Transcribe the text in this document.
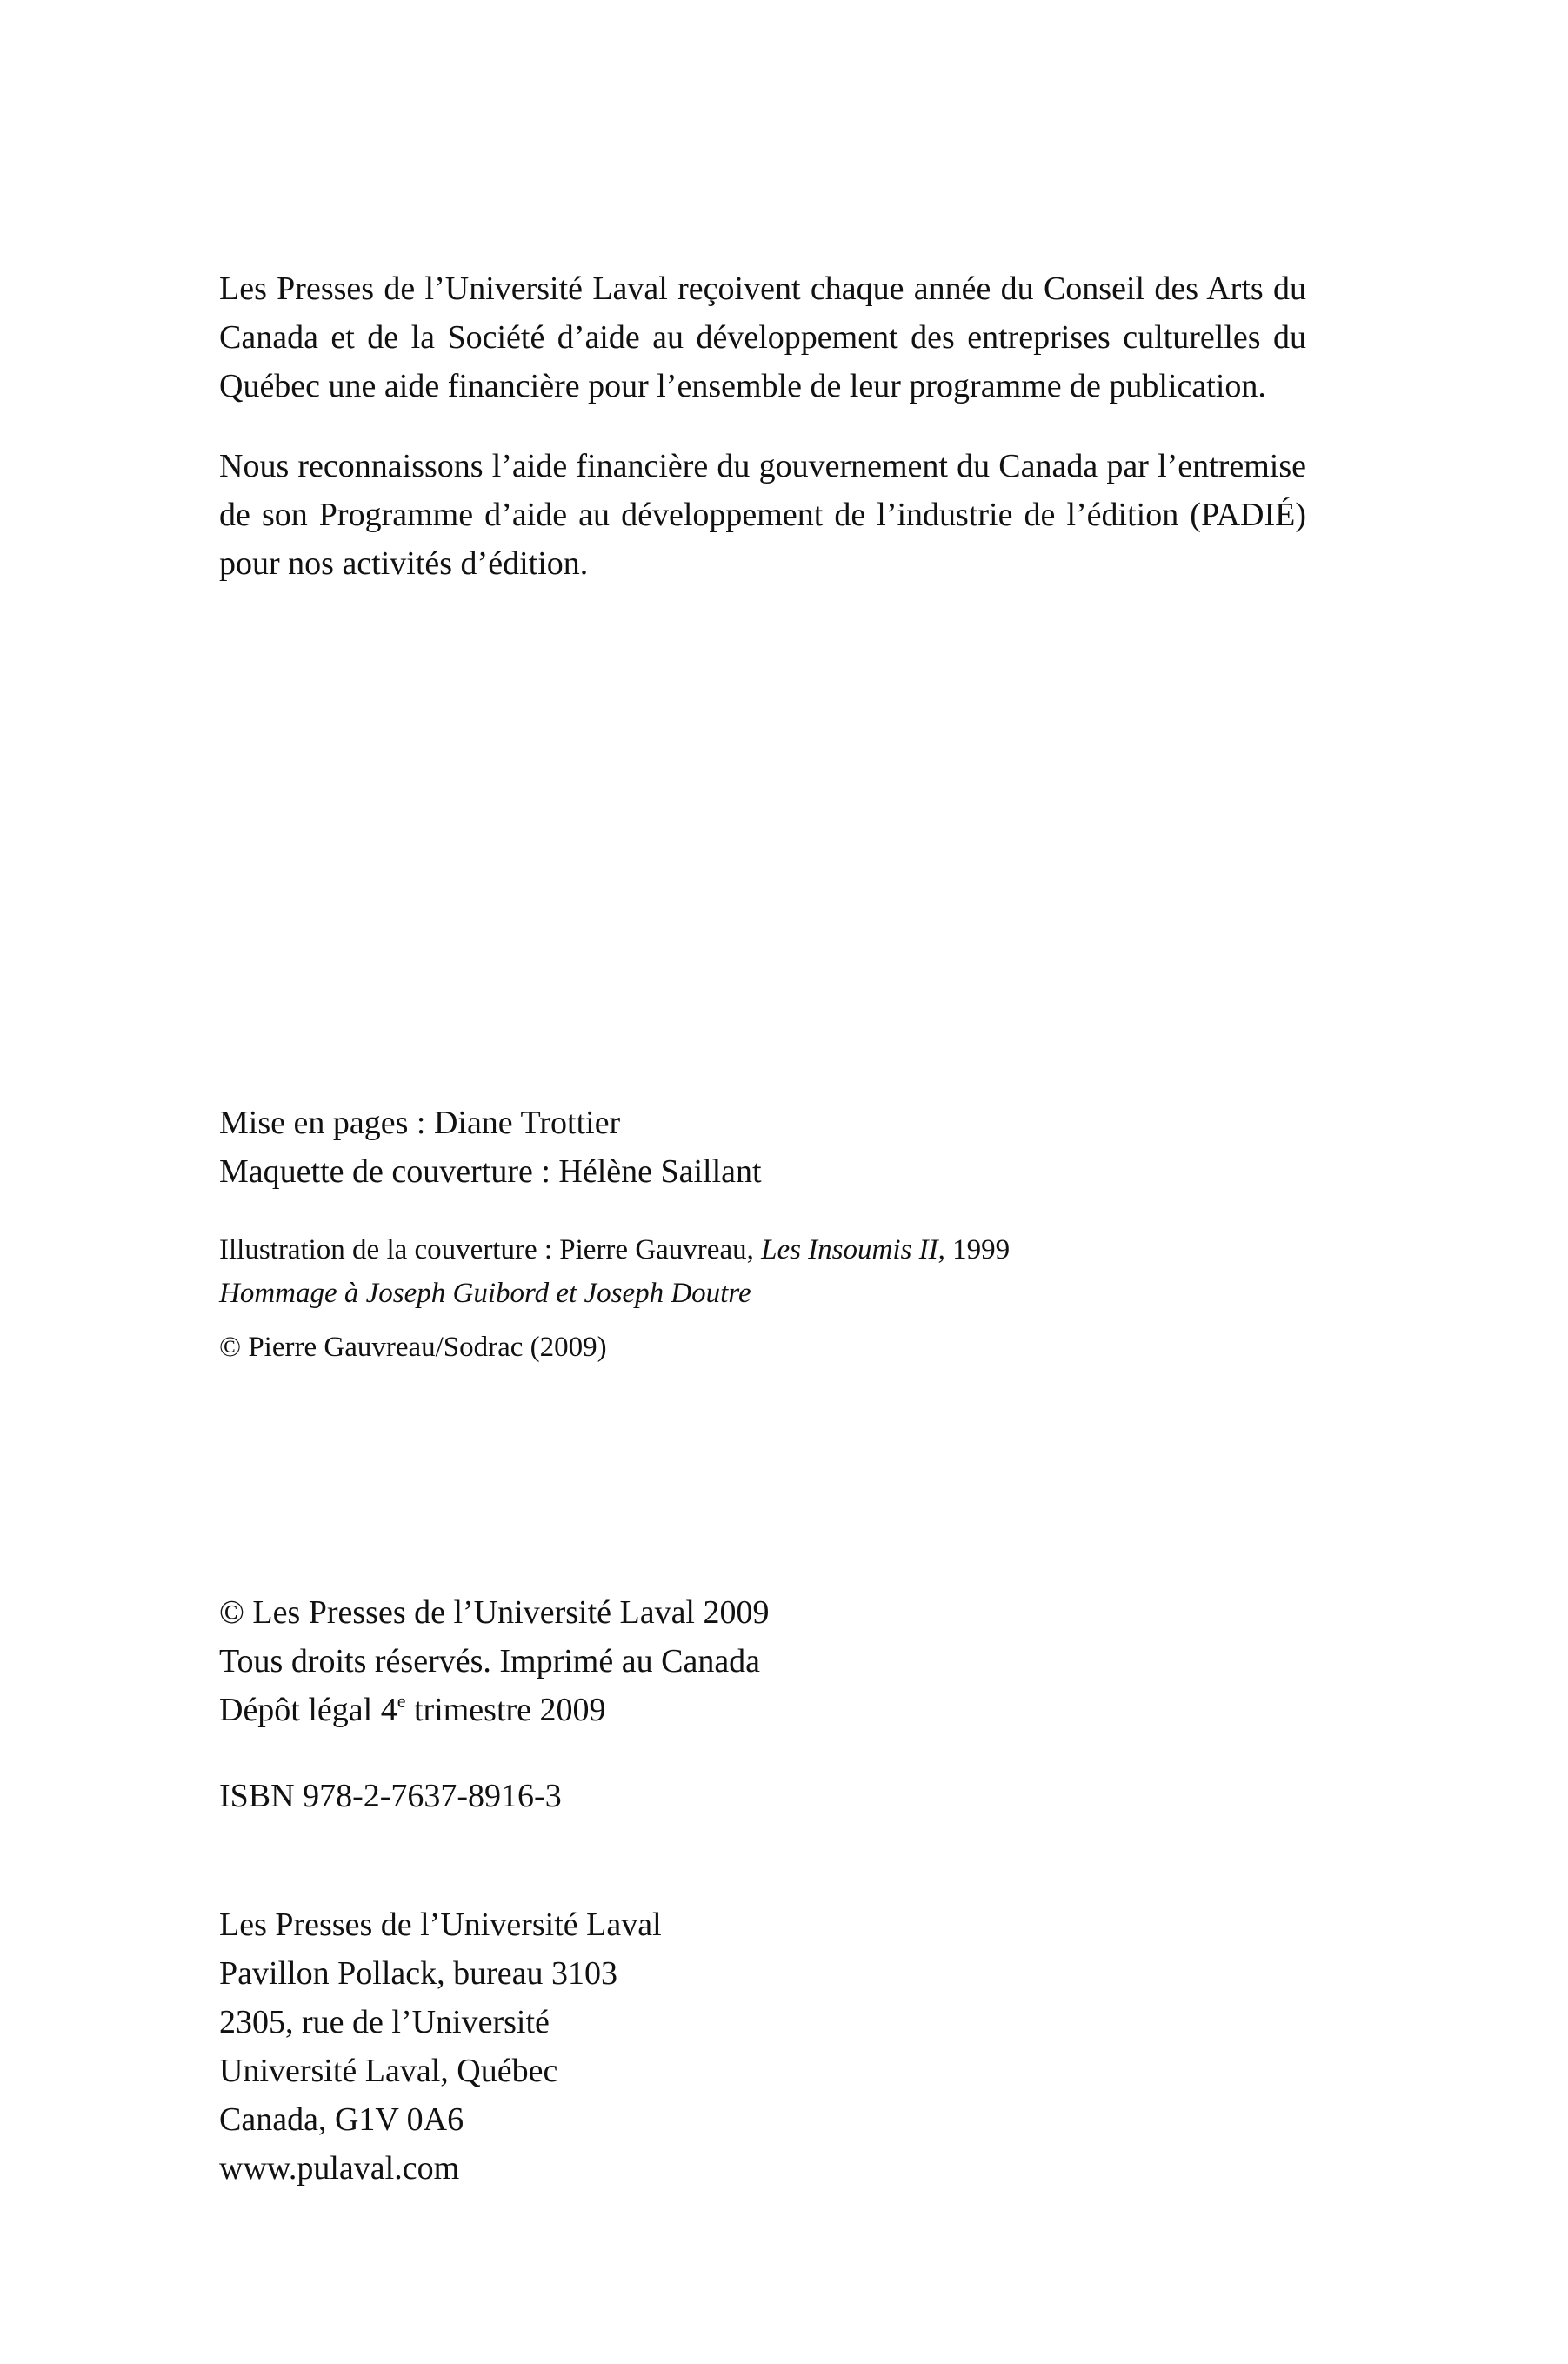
Les Presses de l’Université Laval reçoivent chaque année du Conseil des Arts du Canada et de la Société d’aide au développement des entreprises culturelles du Québec une aide financière pour l’ensemble de leur programme de publication.

Nous reconnaissons l’aide financière du gouvernement du Canada par l’entremise de son Programme d’aide au développement de l’industrie de l’édition (PADIÉ) pour nos activités d’édition.

Mise en pages : Diane Trottier
Maquette de couverture : Hélène Saillant
Illustration de la couverture : Pierre Gauvreau, Les Insoumis II, 1999
Hommage à Joseph Guibord et Joseph Doutre
© Pierre Gauvreau/Sodrac (2009)
© Les Presses de l’Université Laval 2009
Tous droits réservés. Imprimé au Canada
Dépôt légal 4e trimestre 2009
ISBN 978-2-7637-8916-3
Les Presses de l’Université Laval
Pavillon Pollack, bureau 3103
2305, rue de l’Université
Université Laval, Québec
Canada, G1V 0A6
www.pulaval.com
